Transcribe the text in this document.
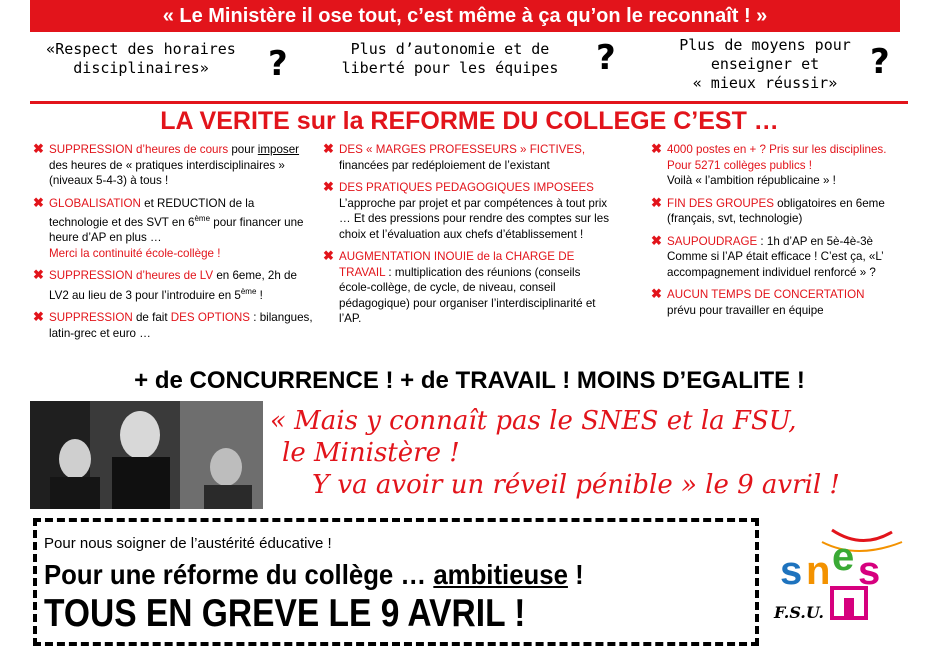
« Le Ministère il ose tout, c’est même à ça qu’on le reconnaît ! »
«Respect des horaires
disciplinaires»	?	Plus d’autonomie et de
liberté pour les équipes	?	Plus de moyens pour
enseigner et
« mieux réussir»
?
LA VERITE sur la REFORME DU COLLEGE C’EST …
✖ SUPPRESSION d’heures de cours pour imposer des heures de « pratiques interdisciplinaires » (niveaux 5-4-3) à tous !
✖ GLOBALISATION et REDUCTION de la technologie et des SVT en 6ème pour financer une heure d’AP en plus …
Merci la continuité école-collège !
✖ SUPPRESSION d’heures de LV en 6eme, 2h de LV2 au lieu de 3 pour l’introduire en 5ème !
✖ SUPPRESSION de fait DES OPTIONS : bilangues, latin-grec et euro …
✖ DES « MARGES PROFESSEURS » FICTIVES,
financées par redéploiement de l’existant
✖ DES PRATIQUES PEDAGOGIQUES IMPOSEES
L’approche par projet et par compétences à tout prix … Et des pressions pour rendre des comptes sur les choix et l’évaluation aux chefs d’établissement !
✖ AUGMENTATION INOUIE de la CHARGE DE TRAVAIL : multiplication des réunions (conseils école-collège, de cycle, de niveau, conseil pédagogique) pour organiser l’interdisciplinarité et l’AP.
✖ 4000 postes en + ? Pris sur les disciplines. Pour 5271 collèges publics !
Voilà « l’ambition républicaine » !
✖ FIN DES GROUPES obligatoires en 6eme (français, svt, technologie)
✖ SAUPOUDRAGE : 1h d’AP en 5è-4è-3è Comme si l’AP était efficace ! C’est ça, «L’ accompagnement individuel renforcé » ?
✖ AUCUN TEMPS DE CONCERTATION
prévu pour travailler en équipe
+ de CONCURRENCE ! + de TRAVAIL ! MOINS D’EGALITE !
« Mais y connaît pas le SNES et la FSU,
le Ministère !
Y va avoir un réveil pénible » le 9 avril !
Pour nous soigner de l’austérité éducative !
Pour une réforme du collège … ambitieuse !
TOUS EN GREVE LE 9 AVRIL !
s n e s
F.S.U.
